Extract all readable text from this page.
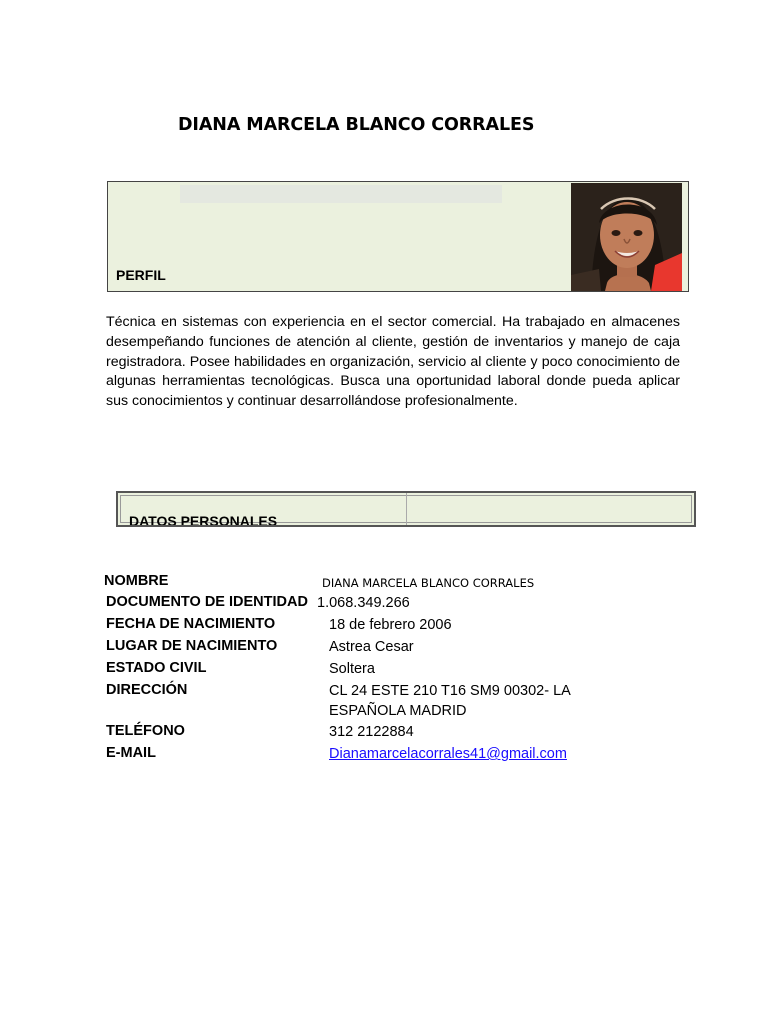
DIANA MARCELA BLANCO CORRALES
PERFIL
Técnica en sistemas con experiencia en el sector comercial. Ha trabajado en almacenes desempeñando funciones de atención al cliente, gestión de inventarios y manejo de caja registradora. Posee habilidades en organización, servicio al cliente y poco conocimiento de algunas herramientas tecnológicas. Busca una oportunidad laboral donde pueda aplicar sus conocimientos y continuar desarrollándose profesionalmente.
DATOS PERSONALES
NOMBRE	DIANA MARCELA BLANCO CORRALES
DOCUMENTO DE IDENTIDAD 1.068.349.266
FECHA DE NACIMIENTO	18 de febrero 2006
LUGAR DE NACIMIENTO	Astrea Cesar
ESTADO CIVIL	Soltera
DIRECCIÓN	CL 24 ESTE 210 T16 SM9 00302- LA
ESPAÑOLA MADRID
TELÉFONO	312 2122884
E-MAIL	Dianamarcelacorrales41@gmail.com
